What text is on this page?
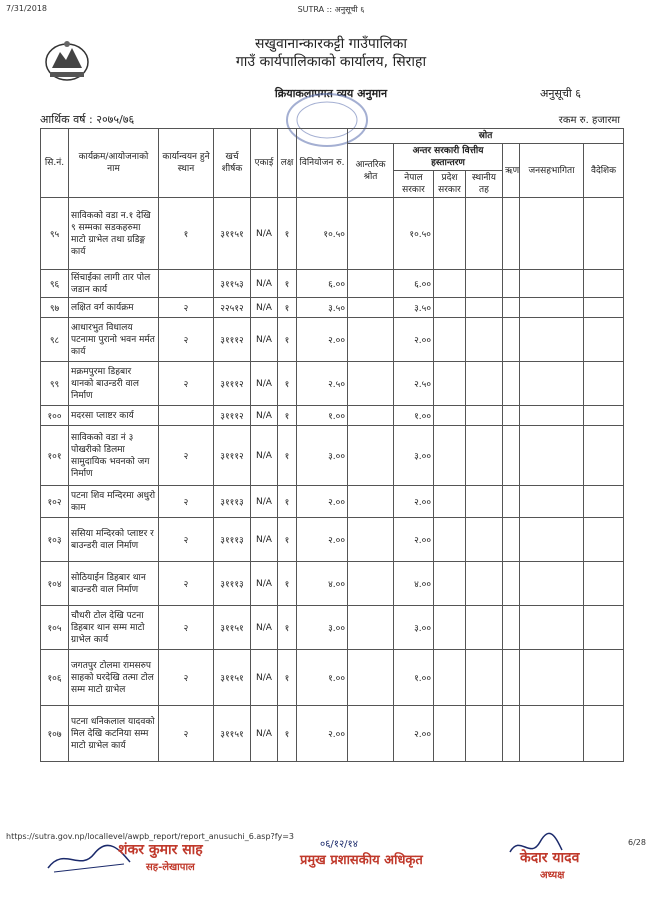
7/31/2018	SUTRA :: अनुसूची ६
सखुवानान्कारकट्टी गाउँपालिका
गाउँ कार्यपालिकाको कार्यालय, सिराहा
क्रियाकलापगत व्यय अनुमान	अनुसूची ६
आर्थिक वर्ष : २०७५/७६	रकम रु. हजारमा
सि.नं.	कार्यक्रम/आयोजनाको नाम	कार्यान्वयन हुने स्थान	खर्च शीर्षक	एकाई	लक्ष	विनियोजन रु.	स्रोत						
							आन्तरिक श्रोत	अन्तर सरकारी वित्तीय हस्तान्तरण			ऋण	जनसहभागिता	वैदेशिक
								नेपाल सरकार	प्रदेश सरकार	स्थानीय तह			

९५	साविकको वडा न.१ देखि ९ सम्मका सडकहरुमा माटो ग्राभेल तथा ग्रडिङ्ग कार्य	१	३११५१	N/A	१	१०.५०		१०.५०					
९६	सिंचाईका लागी तार पोल जडान कार्य		३११५३	N/A	१	६.००		६.००					
९७	लक्षित वर्ग कार्यक्रम	२	२२५१२	N/A	१	३.५०		३.५०					
९८	आधारभुत विधालय पटनामा पुरानो भवन मर्मत कार्य	२	३१११२	N/A	१	२.००		२.००					
९९	मक्रमपुरमा डिहबार थानको बाउन्डरी वाल निर्माण	२	३१११२	N/A	१	२.५०		२.५०					
१००	मदरसा प्लाष्टर कार्य		३१११२	N/A	१	१.००		१.००					
१०१	साविकको वडा नं ३ पोखरीको डिलमा सामुदायिक भवनको जग निर्माण	२	३१११२	N/A	१	३.००		३.००					
१०२	पटना शिव मन्दिरमा अधुरो काम	२	३१११३	N/A	१	२.००		२.००					
१०३	ससिया मन्दिरको प्लाष्टर र बाउन्डरी वाल निर्माण	२	३१११३	N/A	१	२.००		२.००					
१०४	सोठियाईन डिहबार थान बाउन्डरी वाल निर्माण	२	३१११३	N/A	१	४.००		४.००					
१०५	चौधरी टोल देखि पटना डिहबार थान सम्म माटो ग्राभेल कार्य	२	३११५१	N/A	१	३.००		३.००					
१०६	जगतपुर टोलमा रामसरुप साहको घरदेखि तत्मा टोल सम्म माटो ग्राभेल	२	३११५१	N/A	१	१.००		१.००					
१०७	पटना धनिकलाल यादवको मिल देखि कटनिया सम्म माटो ग्राभेल कार्य	२	३११५१	N/A	१	२.००		२.००					
https://sutra.gov.np/locallevel/awpb_report/report_anusuchi_6.asp?fy=3
6/28
शंकर कुमार साह
सह-लेखापाल
०६/१२/१४
प्रमुख प्रशासकीय अधिकृत	केदार यादव
अध्यक्ष
